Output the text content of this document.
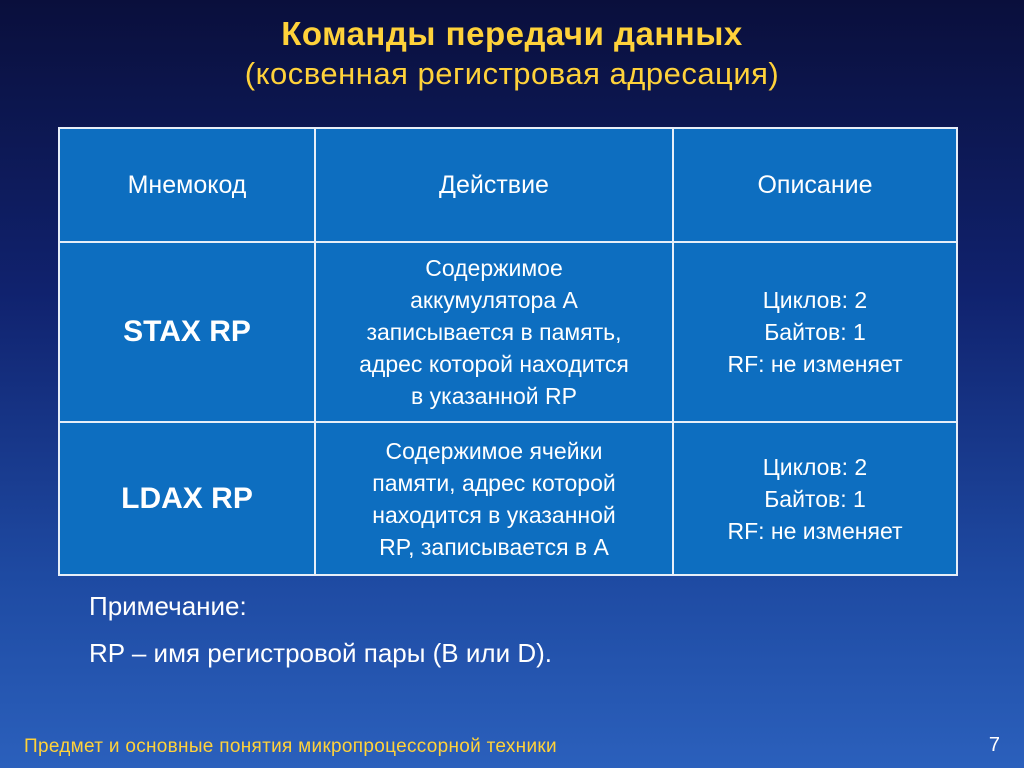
Команды передачи данных
(косвенная регистровая адресация)
Мнемокод	Действие	Описание
STAX RP	Содержимое
аккумулятора А
записывается в память,
адрес которой находится
в указанной RP	Циклов: 2
Байтов: 1
RF: не изменяет

LDAX RP	Содержимое ячейки
памяти, адрес которой
находится в указанной
RP, записывается в А	Циклов: 2
Байтов: 1
RF: не изменяет
Примечание:
RP – имя регистровой пары (B или D).
Предмет и основные понятия микропроцессорной техники	7
